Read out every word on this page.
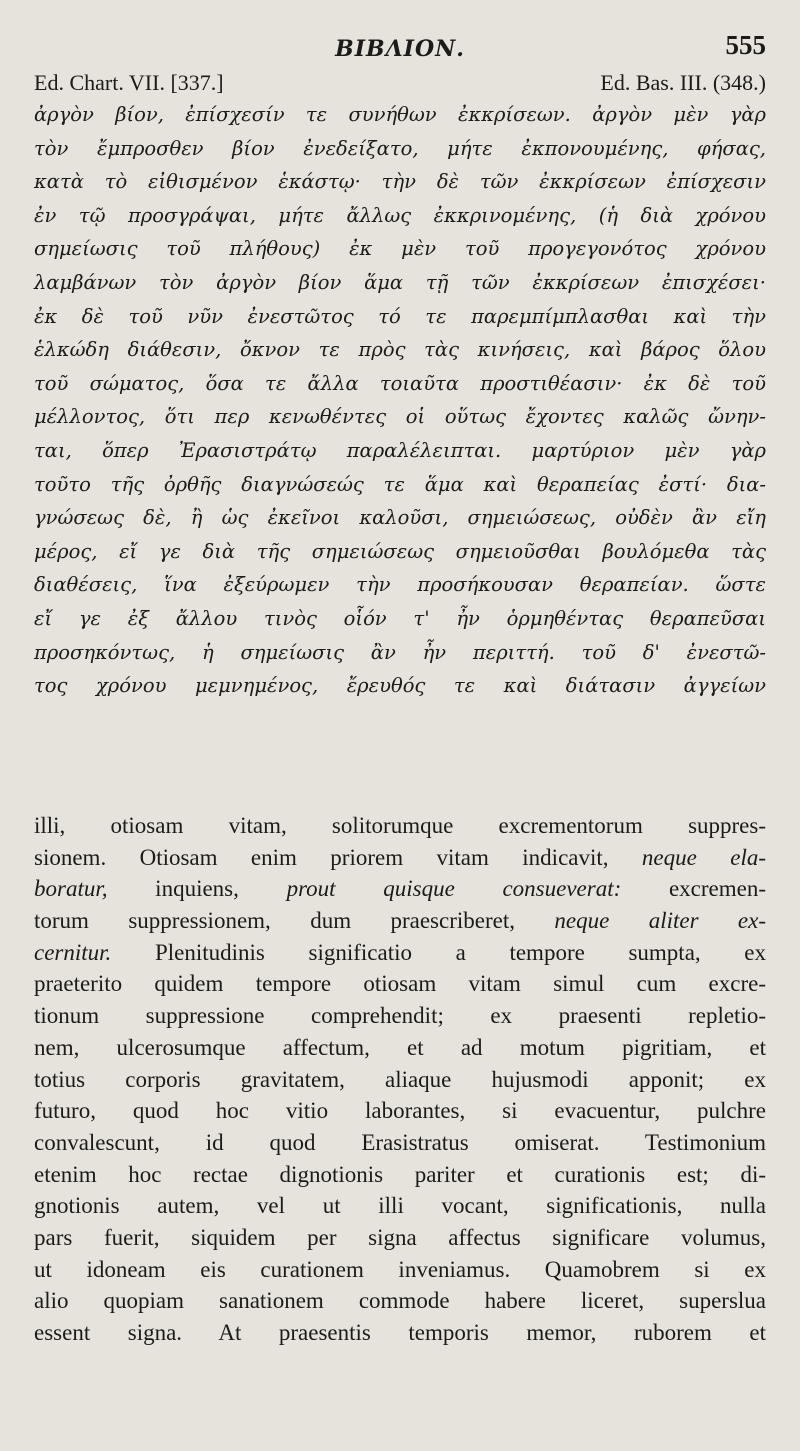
ΒΙΒΛΙΟΝ.	555
Ed. Chart. VII. [337.]	Ed. Bas. III. (348.)
ἀργὸν βίον, ἐπίσχεσίν τε συνήθων ἐκκρίσεων. ἀργὸν μὲν γὰρ
τὸν ἔμπροσθεν βίον ἐνεδείξατο, μήτε ἐκπονουμένης, φήσας,
κατὰ τὸ εἰθισμένον ἑκάστῳ· τὴν δὲ τῶν ἐκκρίσεων ἐπίσχεσιν
ἐν τῷ προσγράψαι, μήτε ἄλλως ἐκκρινομένης, (ἡ διὰ χρόνου
σημείωσις τοῦ πλήθους) ἐκ μὲν τοῦ προγεγονότος χρόνου
λαμβάνων τὸν ἀργὸν βίον ἅμα τῇ τῶν ἐκκρίσεων ἐπισχέσει·
ἐκ δὲ τοῦ νῦν ἐνεστῶτος τό τε παρεμπίμπλασθαι καὶ τὴν
ἑλκώδη διάθεσιν, ὄκνον τε πρὸς τὰς κινήσεις, καὶ βάρος ὅλου
τοῦ σώματος, ὅσα τε ἄλλα τοιαῦτα προστιθέασιν· ἐκ δὲ τοῦ
μέλλοντος, ὅτι περ κενωθέντες οἱ οὕτως ἔχοντες καλῶς ὤνην-
ται, ὅπερ Ἐρασιστράτῳ παραλέλειπται. μαρτύριον μὲν γὰρ
τοῦτο τῆς ὀρθῆς διαγνώσεώς τε ἅμα καὶ θεραπείας ἐστί· δια-
γνώσεως δὲ, ἢ ὡς ἐκεῖνοι καλοῦσι, σημειώσεως, οὐδὲν ἂν εἴη
μέρος, εἴ γε διὰ τῆς σημειώσεως σημειοῦσθαι βουλόμεθα τὰς
διαθέσεις, ἵνα ἐξεύρωμεν τὴν προσήκουσαν θεραπείαν. ὥστε
εἴ γε ἐξ ἄλλου τινὸς οἷόν τ' ἦν ὁρμηθέντας θεραπεῦσαι
προσηκόντως, ἡ σημείωσις ἂν ἦν περιττή. τοῦ δ' ἐνεστῶ-
τος χρόνου μεμνημένος, ἔρευθός τε καὶ διάτασιν ἀγγείων
illi, otiosam vitam, solitorumque excrementorum suppres-
sionem. Otiosam enim priorem vitam indicavit, neque ela-
boratur, inquiens, prout quisque consueverat: excremen-
torum suppressionem, dum praescriberet, neque aliter ex-
cernitur. Plenitudinis significatio a tempore sumpta, ex
praeterito quidem tempore otiosam vitam simul cum excre-
tionum suppressione comprehendit; ex praesenti repletio-
nem, ulcerosumque affectum, et ad motum pigritiam, et
totius corporis gravitatem, aliaque hujusmodi apponit; ex
futuro, quod hoc vitio laborantes, si evacuentur, pulchre
convalescunt, id quod Erasistratus omiserat. Testimonium
etenim hoc rectae dignotionis pariter et curationis est; di-
gnotionis autem, vel ut illi vocant, significationis, nulla
pars fuerit, siquidem per signa affectus significare volumus,
ut idoneam eis curationem inveniamus. Quamobrem si ex
alio quopiam sanationem commode habere liceret, supersluа
essent signa. At praesentis temporis memor, ruborem et
